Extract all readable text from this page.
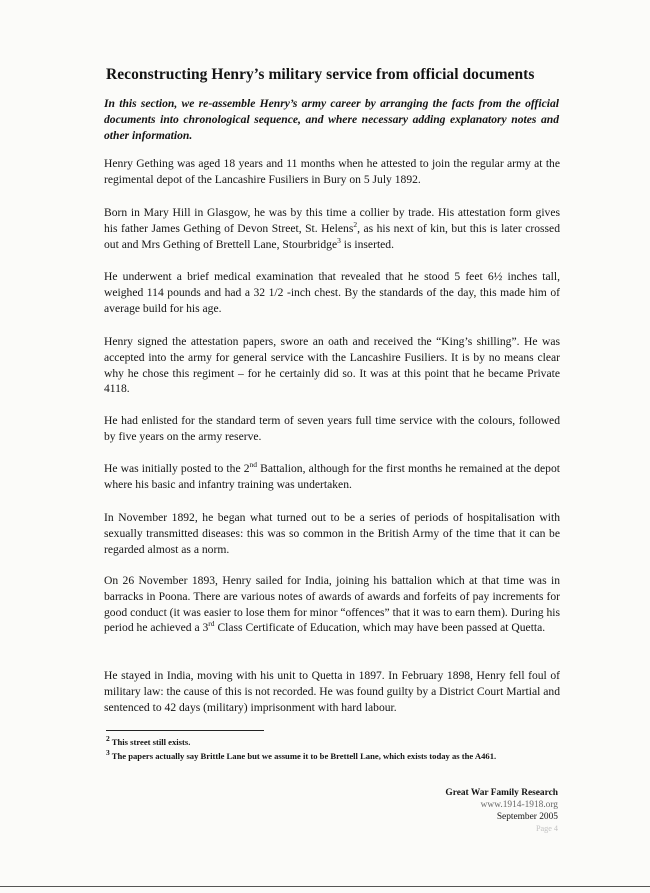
Reconstructing Henry’s military service from official documents
In this section, we re-assemble Henry’s army career by arranging the facts from the official documents into chronological sequence, and where necessary adding explanatory notes and other information.
Henry Gething was aged 18 years and 11 months when he attested to join the regular army at the regimental depot of the Lancashire Fusiliers in Bury on 5 July 1892.
Born in Mary Hill in Glasgow, he was by this time a collier by trade. His attestation form gives his father James Gething of Devon Street, St. Helens$^2$, as his next of kin, but this is later crossed out and Mrs Gething of Brettell Lane, Stourbridge$^3$ is inserted.
He underwent a brief medical examination that revealed that he stood 5 feet 6½ inches tall, weighed 114 pounds and had a 32 1/2 -inch chest. By the standards of the day, this made him of average build for his age.
Henry signed the attestation papers, swore an oath and received the “King’s shilling”. He was accepted into the army for general service with the Lancashire Fusiliers. It is by no means clear why he chose this regiment – for he certainly did so. It was at this point that he became Private 4118.
He had enlisted for the standard term of seven years full time service with the colours, followed by five years on the army reserve.
He was initially posted to the 2nd Battalion, although for the first months he remained at the depot where his basic and infantry training was undertaken.
In November 1892, he began what turned out to be a series of periods of hospitalisation with sexually transmitted diseases: this was so common in the British Army of the time that it can be regarded almost as a norm.
On 26 November 1893, Henry sailed for India, joining his battalion which at that time was in barracks in Poona. There are various notes of awards of awards and forfeits of pay increments for good conduct (it was easier to lose them for minor “offences” that it was to earn them). During his period he achieved a 3rd Class Certificate of Education, which may have been passed at Quetta.
He stayed in India, moving with his unit to Quetta in 1897. In February 1898, Henry fell foul of military law: the cause of this is not recorded. He was found guilty by a District Court Martial and sentenced to 42 days (military) imprisonment with hard labour.
$^2$ This street still exists.
$^3$ The papers actually say Brittle Lane but we assume it to be Brettell Lane, which exists today as the A461.
Great War Family Research
www.1914-1918.org
September 2005
Page 4
